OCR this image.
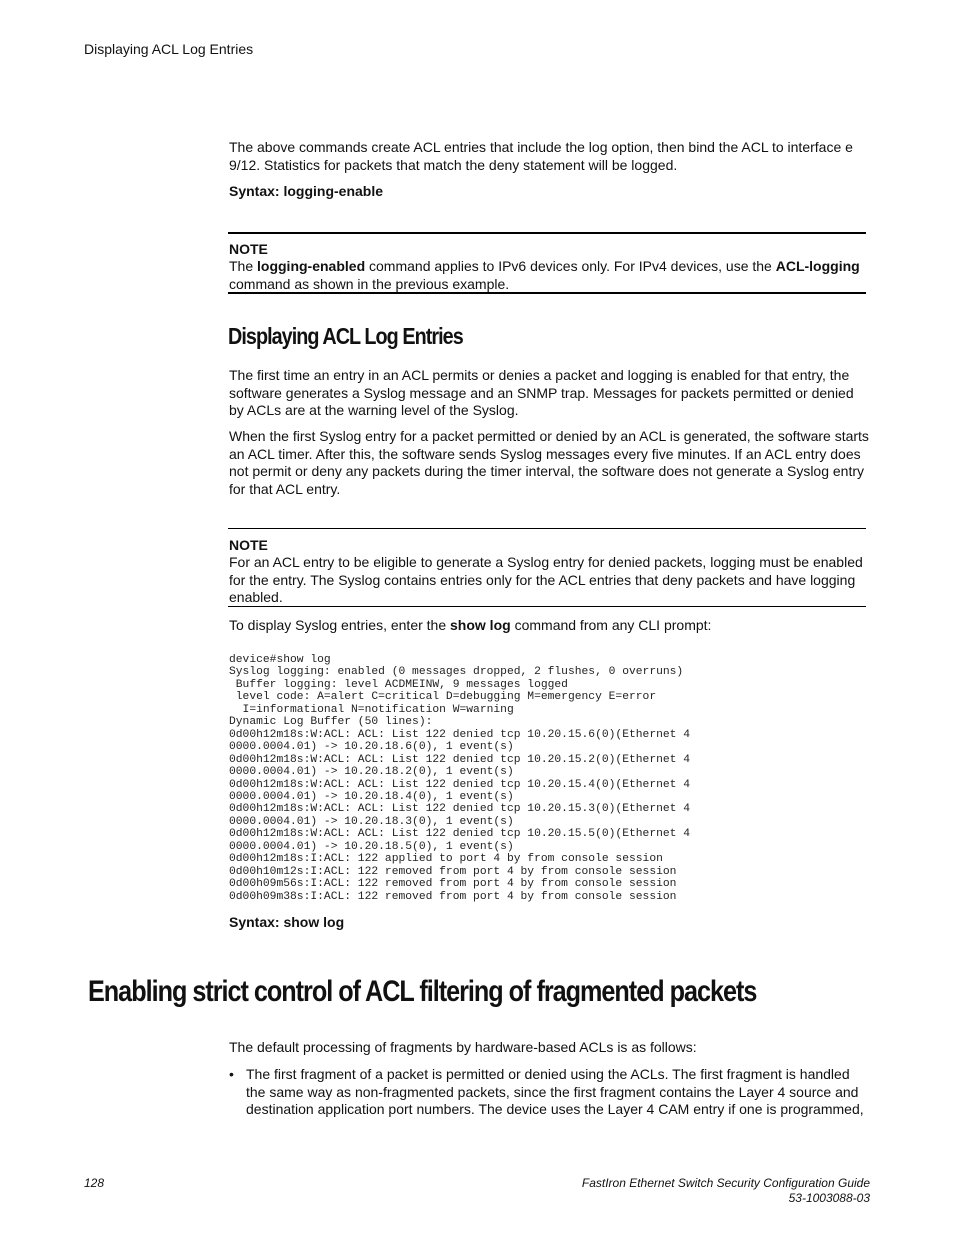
Displaying ACL Log Entries

The above commands create ACL entries that include the log option, then bind the ACL to interface e 9/12. Statistics for packets that match the deny statement will be logged.

Syntax: logging-enable
NOTE

The logging-enabled command applies to IPv6 devices only. For IPv4 devices, use the ACL-logging command as shown in the previous example.

Displaying ACL Log Entries

The first time an entry in an ACL permits or denies a packet and logging is enabled for that entry, the software generates a Syslog message and an SNMP trap. Messages for packets permitted or denied by ACLs are at the warning level of the Syslog.

When the first Syslog entry for a packet permitted or denied by an ACL is generated, the software starts an ACL timer. After this, the software sends Syslog messages every five minutes. If an ACL entry does not permit or deny any packets during the timer interval, the software does not generate a Syslog entry for that ACL entry.

NOTE

For an ACL entry to be eligible to generate a Syslog entry for denied packets, logging must be enabled for the entry. The Syslog contains entries only for the ACL entries that deny packets and have logging enabled.

To display Syslog entries, enter the show log command from any CLI prompt:

device#show log
Syslog logging: enabled (0 messages dropped, 2 flushes, 0 overruns)
Buffer logging: level ACDMEINW, 9 messages logged
level code: A=alert C=critical D=debugging M=emergency E=error
I=informational N=notification W=warning
Dynamic Log Buffer (50 lines):
0d00h12m18s:W:ACL: ACL: List 122 denied tcp 10.20.15.6(0)(Ethernet 4
0000.0004.01) -> 10.20.18.6(0), 1 event(s)
0d00h12m18s:W:ACL: ACL: List 122 denied tcp 10.20.15.2(0)(Ethernet 4
0000.0004.01) -> 10.20.18.2(0), 1 event(s)
0d00h12m18s:W:ACL: ACL: List 122 denied tcp 10.20.15.4(0)(Ethernet 4
0000.0004.01) -> 10.20.18.4(0), 1 event(s)
0d00h12m18s:W:ACL: ACL: List 122 denied tcp 10.20.15.3(0)(Ethernet 4
0000.0004.01) -> 10.20.18.3(0), 1 event(s)
0d00h12m18s:W:ACL: ACL: List 122 denied tcp 10.20.15.5(0)(Ethernet 4
0000.0004.01) -> 10.20.18.5(0), 1 event(s)
0d00h12m18s:I:ACL: 122 applied to port 4 by from console session
0d00h10m12s:I:ACL: 122 removed from port 4 by from console session
0d00h09m56s:I:ACL: 122 removed from port 4 by from console session
0d00h09m38s:I:ACL: 122 removed from port 4 by from console session
Syntax: show log
Enabling strict control of ACL filtering of fragmented packets

The default processing of fragments by hardware-based ACLs is as follows:

• The first fragment of a packet is permitted or denied using the ACLs. The first fragment is handled the same way as non-fragmented packets, since the first fragment contains the Layer 4 source and destination application port numbers. The device uses the Layer 4 CAM entry if one is programmed,

128	FastIron Ethernet Switch Security Configuration Guide
53-1003088-03
